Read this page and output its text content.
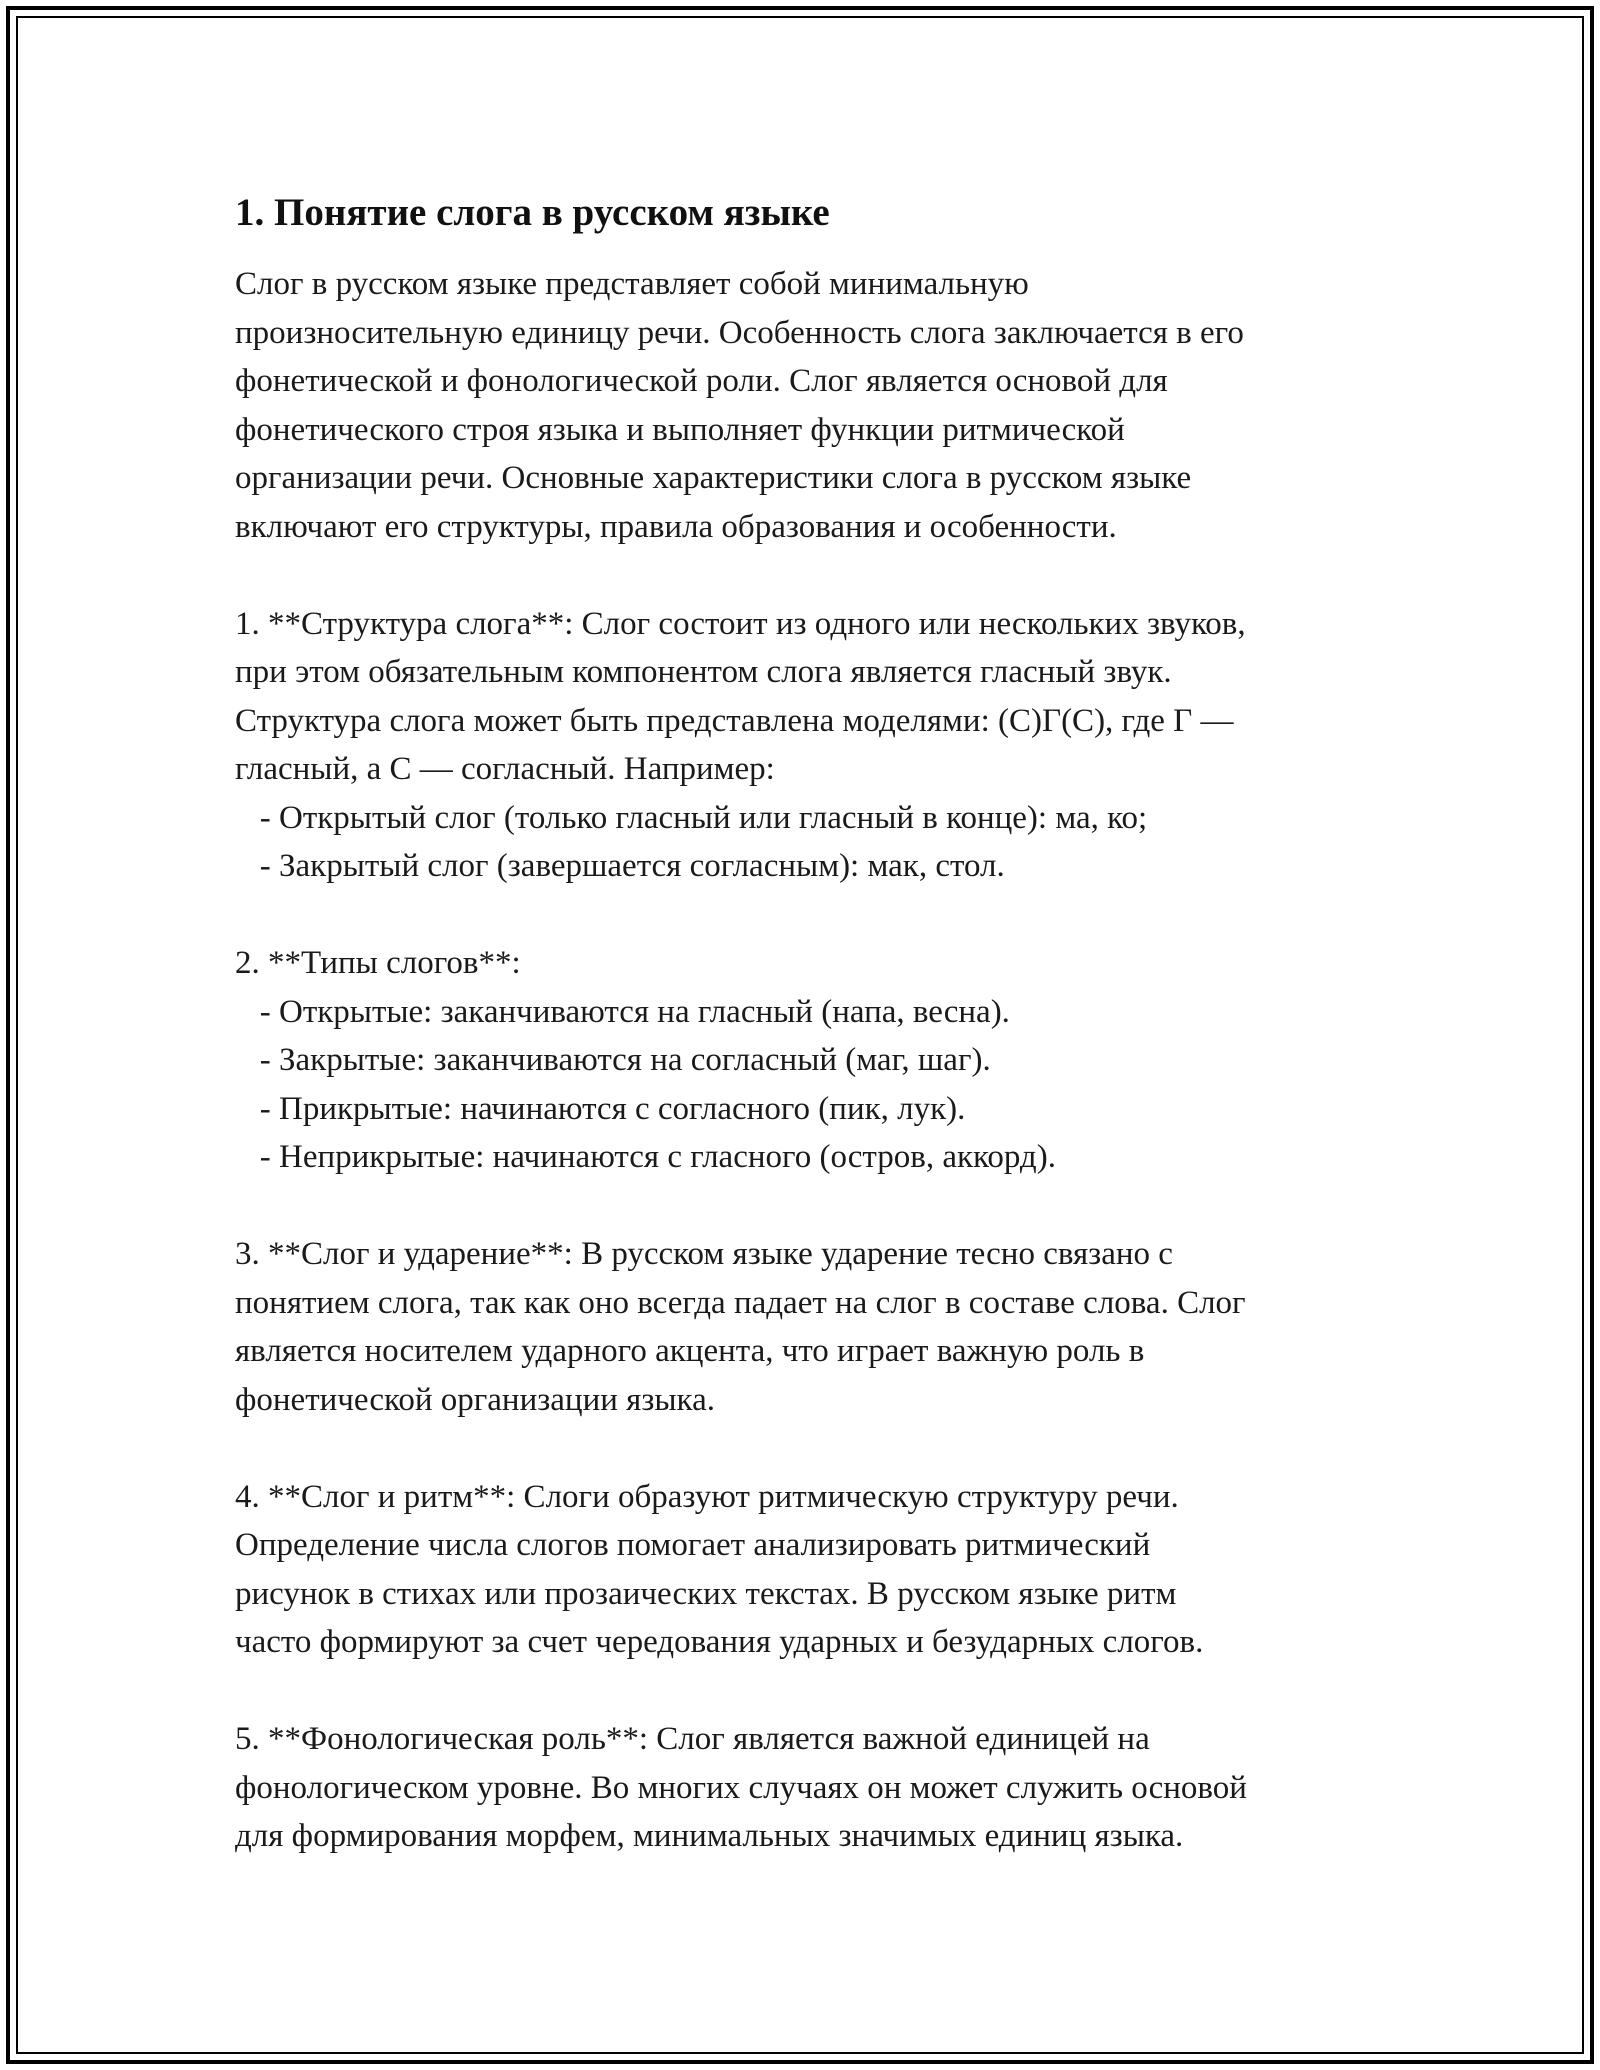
1. Понятие слога в русском языке

Слог в русском языке представляет собой минимальную
произносительную единицу речи. Особенность слога заключается в его
фонетической и фонологической роли. Слог является основой для
фонетического строя языка и выполняет функции ритмической
организации речи. Основные характеристики слога в русском языке
включают его структуры, правила образования и особенности.

1. **Структура слога**: Слог состоит из одного или нескольких звуков,
при этом обязательным компонентом слога является гласный звук.
Структура слога может быть представлена моделями: (С)Г(С), где Г —
гласный, а С — согласный. Например:
- Открытый слог (только гласный или гласный в конце): ма, ко;
- Закрытый слог (завершается согласным): мак, стол.

2. **Типы слогов**:
- Открытые: заканчиваются на гласный (напа, весна).
- Закрытые: заканчиваются на согласный (маг, шаг).
- Прикрытые: начинаются с согласного (пик, лук).
- Неприкрытые: начинаются с гласного (остров, аккорд).

3. **Слог и ударение**: В русском языке ударение тесно связано с
понятием слога, так как оно всегда падает на слог в составе слова. Слог
является носителем ударного акцента, что играет важную роль в
фонетической организации языка.

4. **Слог и ритм**: Слоги образуют ритмическую структуру речи.
Определение числа слогов помогает анализировать ритмический
рисунок в стихах или прозаических текстах. В русском языке ритм
часто формируют за счет чередования ударных и безударных слогов.

5. **Фонологическая роль**: Слог является важной единицей на
фонологическом уровне. Во многих случаях он может служить основой
для формирования морфем, минимальных значимых единиц языка.
